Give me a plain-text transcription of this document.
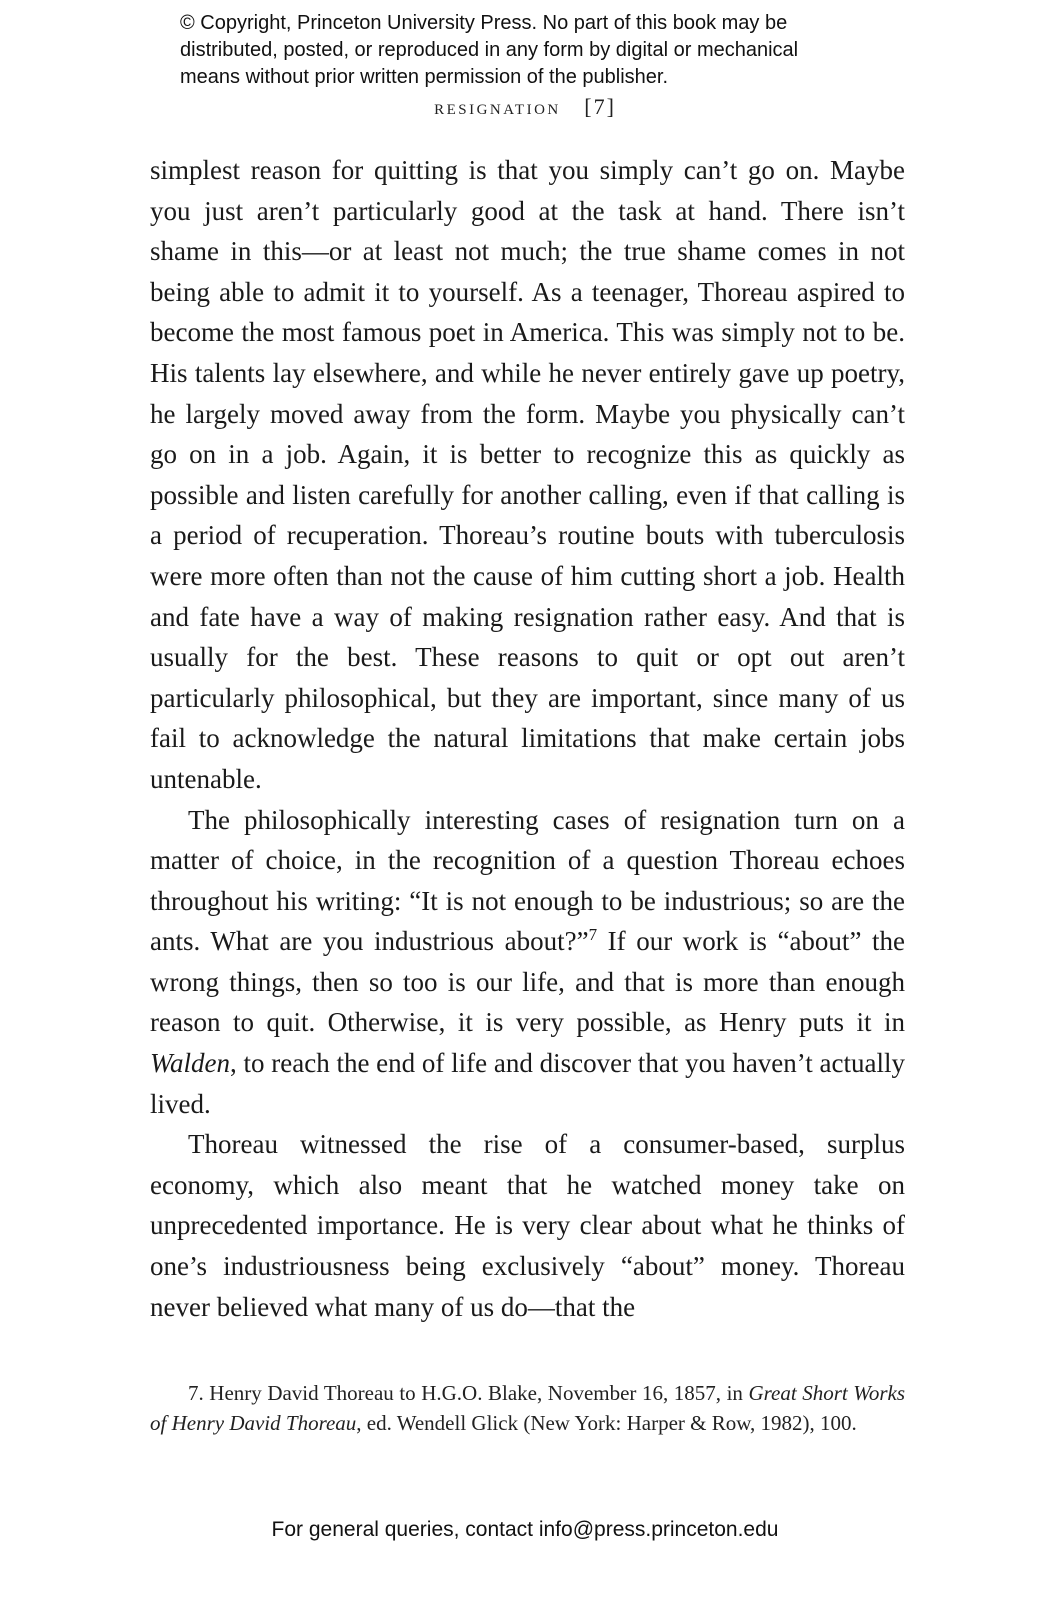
© Copyright, Princeton University Press. No part of this book may be
distributed, posted, or reproduced in any form by digital or mechanical
means without prior written permission of the publisher.
resignation [7]

simplest reason for quitting is that you simply can’t go on. Maybe you just aren’t particularly good at the task at hand. There isn’t shame in this—or at least not much; the true shame comes in not being able to admit it to yourself. As a teenager, Thoreau aspired to become the most famous poet in America. This was simply not to be. His talents lay elsewhere, and while he never entirely gave up poetry, he largely moved away from the form. Maybe you physically can’t go on in a job. Again, it is better to recognize this as quickly as possible and listen carefully for another calling, even if that calling is a period of recuperation. Thoreau’s routine bouts with tuberculosis were more often than not the cause of him cutting short a job. Health and fate have a way of making resignation rather easy. And that is usually for the best. These reasons to quit or opt out aren’t particularly philosophical, but they are important, since many of us fail to acknowledge the natural limitations that make certain jobs untenable.

The philosophically interesting cases of resignation turn on a matter of choice, in the recognition of a question Thoreau echoes throughout his writing: “It is not enough to be industrious; so are the ants. What are you industrious about?”$^7$ If our work is “about” the wrong things, then so too is our life, and that is more than enough reason to quit. Otherwise, it is very possible, as Henry puts it in Walden, to reach the end of life and discover that you haven’t actually lived.

Thoreau witnessed the rise of a consumer-based, surplus economy, which also meant that he watched money take on unprecedented importance. He is very clear about what he thinks of one’s industriousness being exclusively “about” money. Thoreau never believed what many of us do—that the

7. Henry David Thoreau to H.G.O. Blake, November 16, 1857, in Great Short Works of Henry David Thoreau, ed. Wendell Glick (New York: Harper & Row, 1982), 100.

For general queries, contact info@press.princeton.edu
